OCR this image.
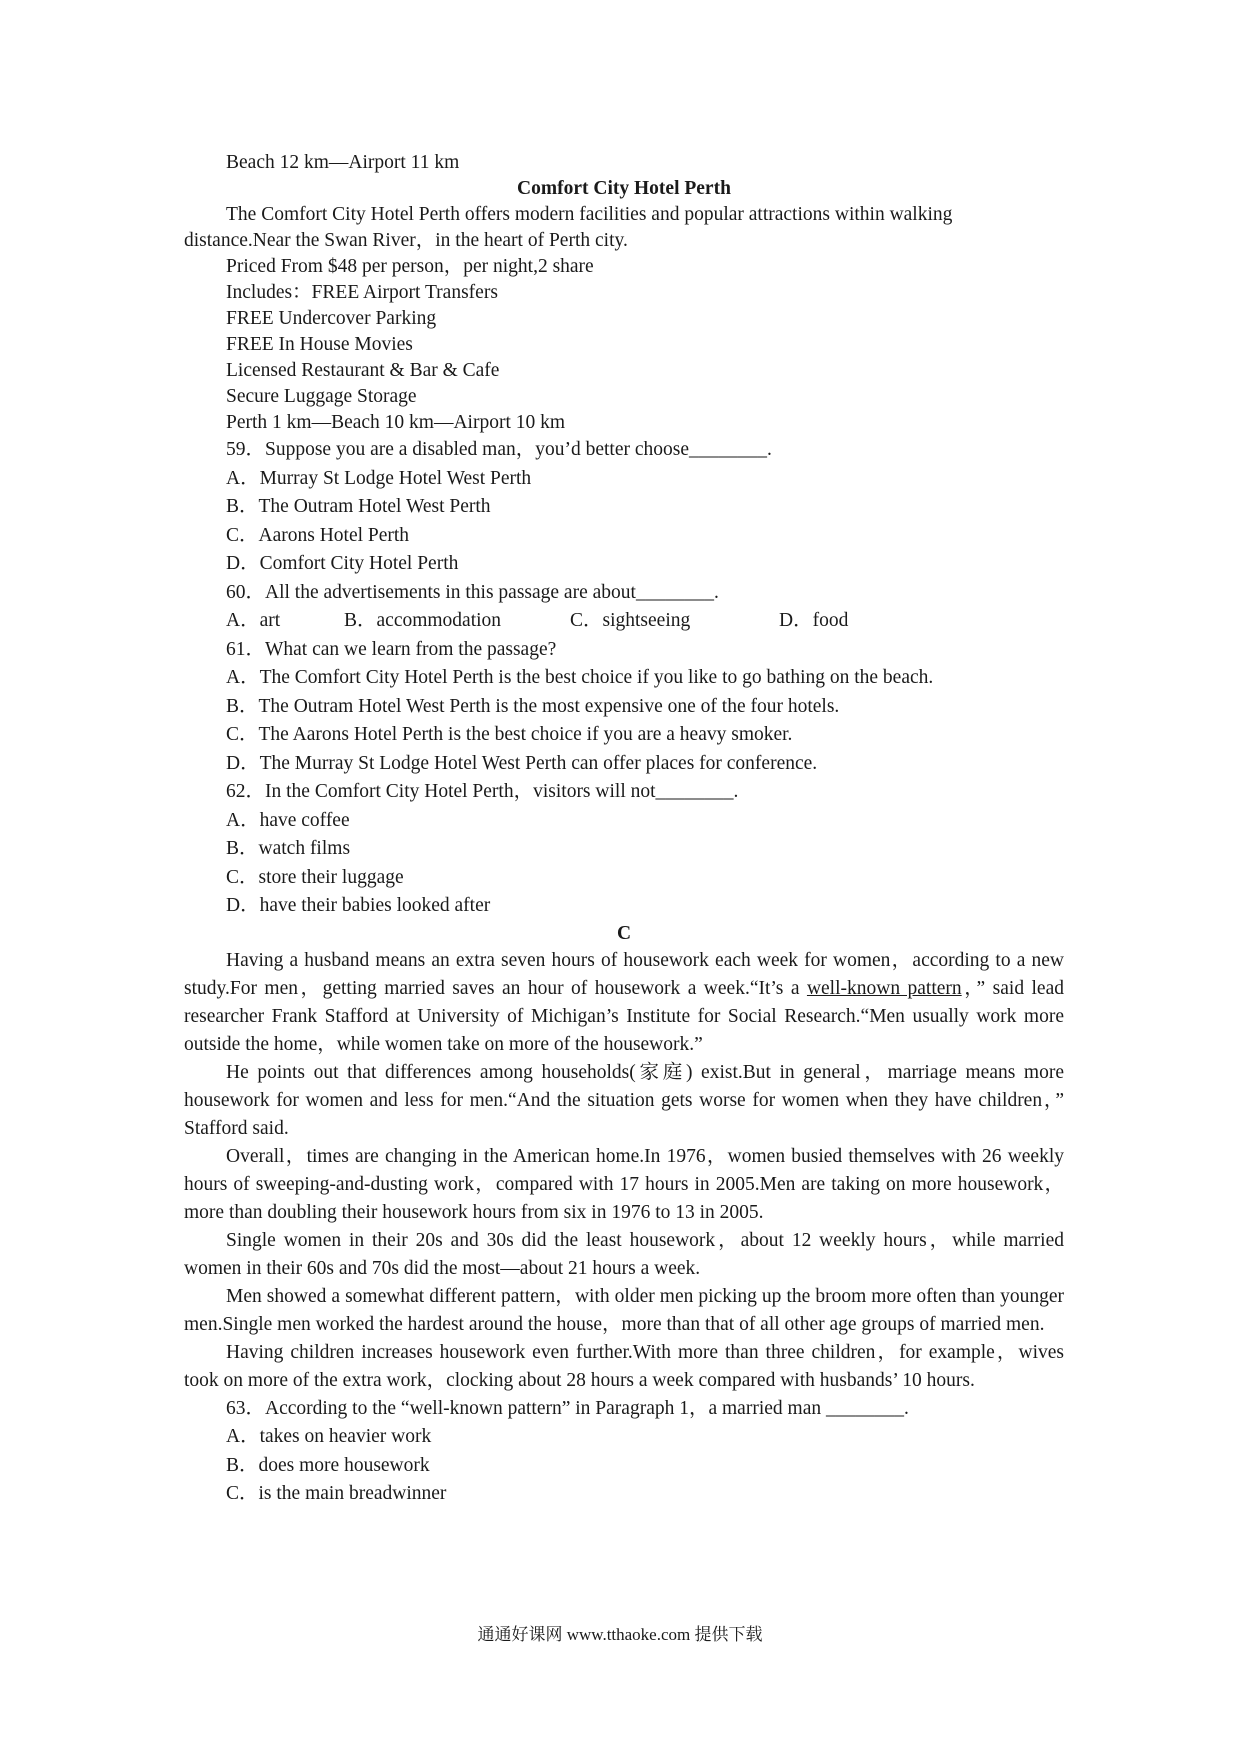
Beach 12 km—Airport 11 km
Comfort City Hotel Perth
The Comfort City Hotel Perth offers modern facilities and popular attractions within walking
distance.Near the Swan River，in the heart of Perth city.
Priced From $48 per person，per night,2 share
Includes：FREE Airport Transfers
FREE Undercover Parking
FREE In House Movies
Licensed Restaurant & Bar & Cafe
Secure Luggage Storage
Perth 1 km—Beach 10 km—Airport 10 km
59．Suppose you are a disabled man，you’d better choose________.
A．Murray St Lodge Hotel West Perth
B．The Outram Hotel West Perth
C．Aarons Hotel Perth
D．Comfort City Hotel Perth
60．All the advertisements in this passage are about________.
A．art	B．accommodation	C．sightseeing	D．food
61．What can we learn from the passage?
A．The Comfort City Hotel Perth is the best choice if you like to go bathing on the beach.
B．The Outram Hotel West Perth is the most expensive one of the four hotels.
C．The Aarons Hotel Perth is the best choice if you are a heavy smoker.
D．The Murray St Lodge Hotel West Perth can offer places for conference.
62．In the Comfort City Hotel Perth，visitors will not________.
A．have coffee
B．watch films
C．store their luggage
D．have their babies looked after
C
Having a husband means an extra seven hours of housework each week for women，according to a new study.For men，getting married saves an hour of housework a week.“It’s a well-known pattern，” said lead researcher Frank Stafford at University of Michigan’s Institute for Social Research.“Men usually work more outside the home，while women take on more of the housework.”
He points out that differences among households(家庭) exist.But in general，marriage means more housework for women and less for men.“And the situation gets worse for women when they have children，” Stafford said.
Overall，times are changing in the American home.In 1976，women busied themselves with 26 weekly hours of sweeping-and-dusting work，compared with 17 hours in 2005.Men are taking on more housework，more than doubling their housework hours from six in 1976 to 13 in 2005.
Single women in their 20s and 30s did the least housework，about 12 weekly hours，while married women in their 60s and 70s did the most—about 21 hours a week.
Men showed a somewhat different pattern，with older men picking up the broom more often than younger men.Single men worked the hardest around the house，more than that of all other age groups of married men.
Having children increases housework even further.With more than three children，for example，wives took on more of the extra work，clocking about 28 hours a week compared with husbands’ 10 hours.
63．According to the “well-known pattern” in Paragraph 1，a married man ________.
A．takes on heavier work
B．does more housework
C．is the main breadwinner
通通好课网 www.tthaoke.com 提供下载
